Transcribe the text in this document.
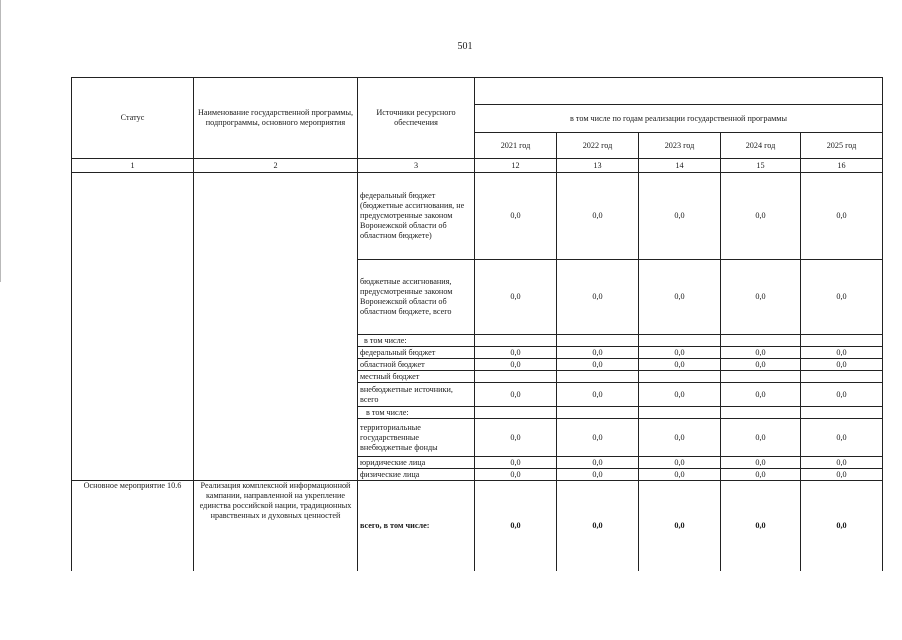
501
Статус	Наименование государственной программы, подпрограммы, основного мероприятия	Источники ресурсного обеспечения					
			в том числе по годам реализации государственной программы				
			2021 год	2022 год	2023 год	2024 год	2025 год
1	2	3	12	13	14	15	16
		федеральный бюджет (бюджетные ассигнования, не предусмотренные законом Воронежской области об областном бюджете)	0,0	0,0	0,0	0,0	0,0
		бюджетные ассигнования, предусмотренные законом Воронежской области об областном бюджете, всего	0,0	0,0	0,0	0,0	0,0
		в том числе:					
		федеральный бюджет	0,0	0,0	0,0	0,0	0,0
		областной бюджет	0,0	0,0	0,0	0,0	0,0
		местный бюджет					
		внебюджетные источники, всего	0,0	0,0	0,0	0,0	0,0
		в том числе:					
		территориальные государственные внебюджетные фонды	0,0	0,0	0,0	0,0	0,0
		юридические лица	0,0	0,0	0,0	0,0	0,0
		физические лица	0,0	0,0	0,0	0,0	0,0
Основное мероприятие 10.6	Реализация комплексной информационной кампании, направленной на укрепление единства российской нации, традиционных нравственных и духовных ценностей	всего, в том числе:	0,0	0,0	0,0	0,0	0,0
